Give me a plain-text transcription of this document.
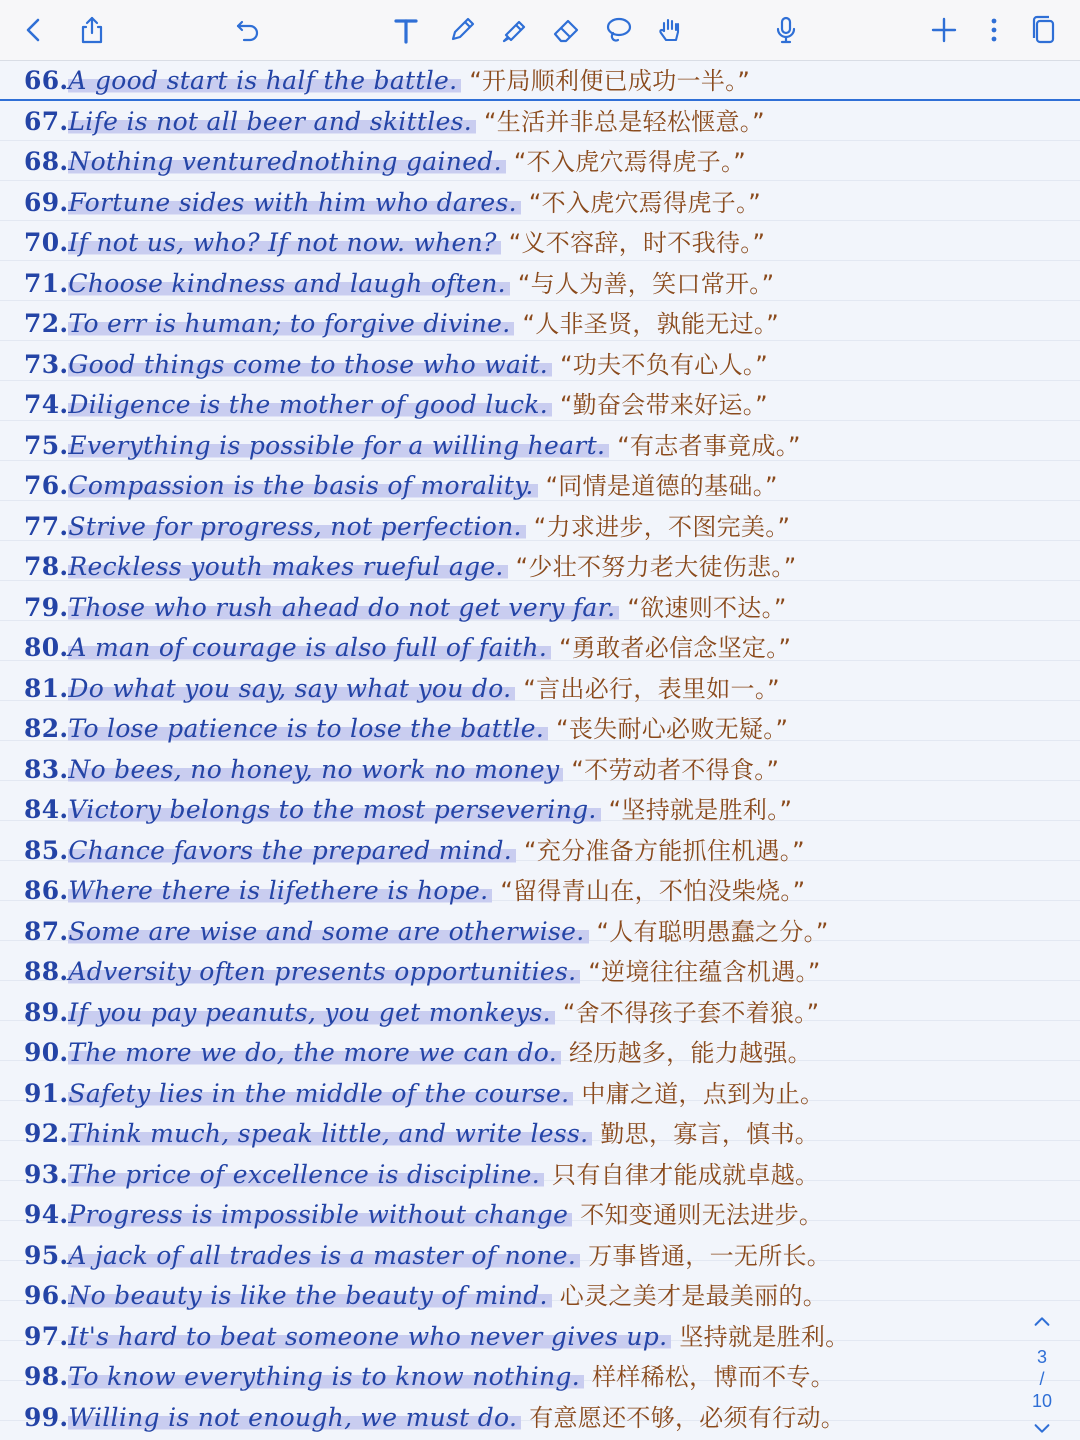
66.A good start is half the battle. “开局顺利便已成功一半。”
67.Life is not all beer and skittles. “生活并非总是轻松惬意。”
68.Nothing venturednothing gained. “不入虎穴焉得虎子。”
69.Fortune sides with him who dares. “不入虎穴焉得虎子。”
70.If not us, who? If not now. when? “义不容辞，时不我待。”
71.Choose kindness and laugh often. “与人为善，笑口常开。”
72.To err is human; to forgive divine. “人非圣贤，孰能无过。”
73.Good things come to those who wait. “功夫不负有心人。”
74.Diligence is the mother of good luck. “勤奋会带来好运。”
75.Everything is possible for a willing heart. “有志者事竟成。”
76.Compassion is the basis of morality. “同情是道德的基础。”
77.Strive for progress, not perfection. “力求进步，不图完美。”
78.Reckless youth makes rueful age. “少壮不努力老大徒伤悲。”
79.Those who rush ahead do not get very far. “欲速则不达。”
80.A man of courage is also full of faith. “勇敢者必信念坚定。”
81.Do what you say, say what you do. “言出必行，表里如一。”
82.To lose patience is to lose the battle. “丧失耐心必败无疑。”
83.No bees, no honey, no work no money “不劳动者不得食。”
84.Victory belongs to the most persevering. “坚持就是胜利。”
85.Chance favors the prepared mind. “充分准备方能抓住机遇。”
86.Where there is lifethere is hope. “留得青山在，不怕没柴烧。”
87.Some are wise and some are otherwise. “人有聪明愚蠢之分。”
88.Adversity often presents opportunities. “逆境往往蕴含机遇。”
89.If you pay peanuts, you get monkeys. “舍不得孩子套不着狼。”
90.The more we do, the more we can do. 经历越多，能力越强。
91.Safety lies in the middle of the course. 中庸之道，点到为止。
92.Think much, speak little, and write less. 勤思，寡言，慎书。
93.The price of excellence is discipline. 只有自律才能成就卓越。
94.Progress is impossible without change 不知变通则无法进步。
95.A jack of all trades is a master of none. 万事皆通，一无所长。
96.No beauty is like the beauty of mind. 心灵之美才是最美丽的。
97.It's hard to beat someone who never gives up. 坚持就是胜利。
98.To know everything is to know nothing. 样样稀松，博而不专。
99.Willing is not enough, we must do. 有意愿还不够，必须有行动。
3
/
10
